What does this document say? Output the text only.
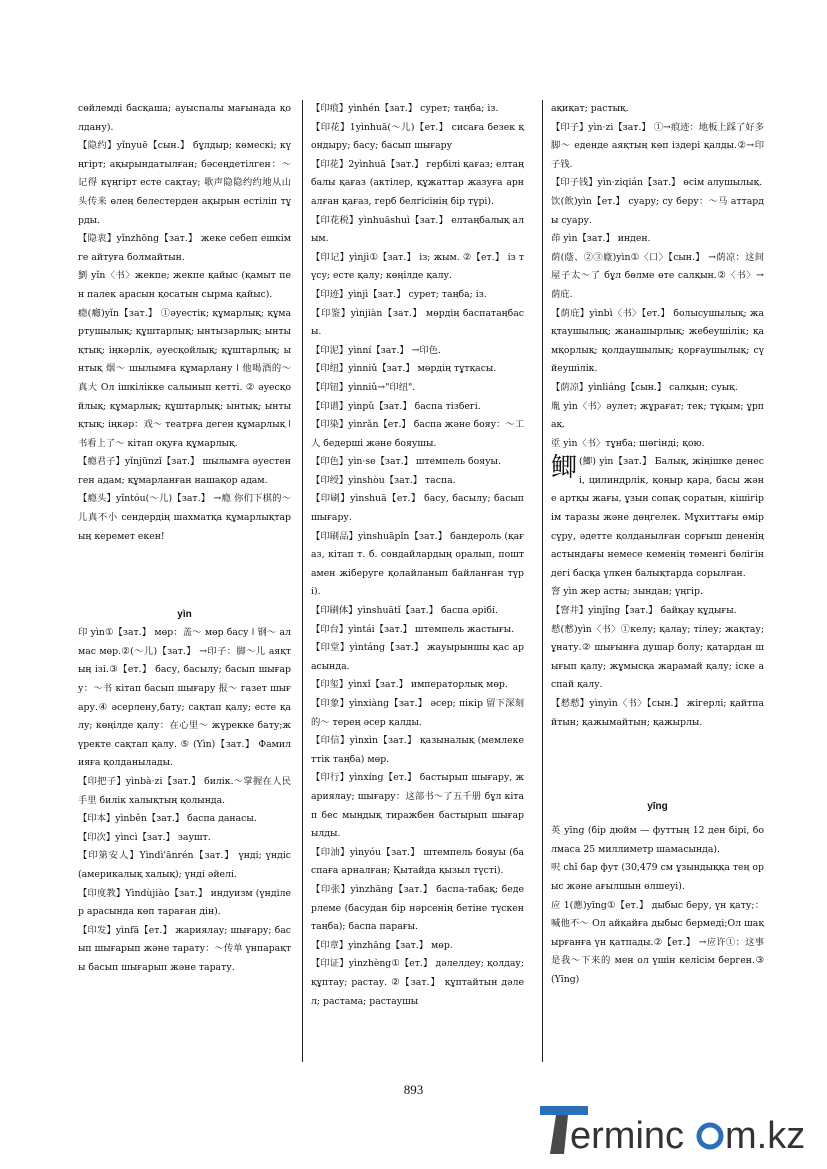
сөйлемді басқаша; ауыспалы мағынада қолдану).

【隐约】yǐnyuē【сын.】 бұлдыр; көмескі; күңгірт; ақырындатылған; бәсеңдетілген：～记得 күңгірт есте сақтау; 歌声隐隐约约地从山头传来 өлең белестерден ақырын естіліп тұрды.

【隐衷】yǐnzhōng【зат.】 жеке себеп ешкімге айтуға болмайтын.

劉 yǐn〈书〉жекпе; жекпе қайыс (қамыт пен палек арасын қосатын сырма қайыс).

瘾(癮)yǐn【зат.】 ①әуестік; құмарлық; құмартушылық; құштарлық; ынтызарлық; ынтықтық; іңкәрлік, әуесқойлық; құштарлық; ынтық 烟～ шылымға құмарлану ǀ 他喝酒的～真大 Ол ішкілікке салынып кетті. ② әуесқойлық; құмарлық; құштарлық; ынтық; ынтықтық; іңкәр：戏～ театрға деген құмарлық ǀ 书看上了～ кітап оқуға құмарлық.

【瘾君子】yǐnjūnzǐ【зат.】 шылымға әуестенген адам; құмарланған нашақор адам.

【瘾头】yǐntóu(～儿)【зат.】 →瘾 你们下棋的～儿真不小 сендердің шахматқа құмарлықтарың керемет екен!

yìn

印 yìn①【зат.】 мөр：盖～ мөр басу ǀ 钢～ алмас мөр.②(～儿)【зат.】 →印子：脚～儿 аяқтың ізі.③【ет.】 басу, басылу; басып шығару：～书 кітап басып шығару 报～ газет шығару.④ әсерлену,бату; сақтап қалу; есте қалу; көңілде қалу：在心里～ жүрекке бату;жүректе сақтап қалу. ⑤ (Yìn)【зат.】 Фамилияға қолданылады.

【印把子】yìnbà·zi【зат.】 билік.～掌握在人民手里 билік халықтың қолында.

【印本】yìnběn【зат.】 баспа данасы.

【印次】yìncì【зат.】 заушт.

【印第安人】Yìndì'ānrén【зат.】 үнді; үндіс (америкалық халық); үнді әйелі.

【印度教】Yìndùjiào【зат.】 индуизм (үнділер арасында көп тараған дін).

【印发】yìnfā【ет.】 жариялау; шығару; басып шығарып және тарату：～传单 үнпарақты басып шығарып және тарату.

【印痕】yìnhén【зат.】 сурет; таңба; із.

【印花】1yìnhuā(～儿)【ет.】 сисаға безек қондыру; басу; басып шығару

【印花】2yìnhuā【зат.】 гербілі қағаз; елтаңбалы қағаз (актілер, құжаттар жазуға арналған қағаз, герб белгісінің бір түрі).

【印花税】yìnhuāshuì【зат.】 елтаңбалық алым.

【印记】yìnjì①【зат.】 із; жым. ②【ет.】 із түсу; есте қалу; көңілде қалу.

【印迹】yìnjì【зат.】 сурет; таңба; із.

【印鉴】yìnjiàn【зат.】 мөрдің баспатаңбасы.

【印泥】yìnní【зат.】 →印色.

【印纽】yìnniǔ【зат.】 мөрдің тұтқасы.

【印钮】yìnniǔ→"印纽".

【印谱】yìnpǔ【зат.】 баспа тізбегі.

【印染】yìnrǎn【ет.】 баспа және бояу：～工人 бедерші және бояушы.

【印色】yìn·se【зат.】 штемпель бояуы.

【印绶】yìnshòu【зат.】 таспа.

【印刷】yìnshuā【ет.】 басу, басылу; басып шығару.

【印刷品】yìnshuāpǐn【зат.】 бандероль (қағаз, кітап т. б. сондайлардың оралып, поштамен жіберуге қолайланып байланған түрі).

【印刷体】yìnshuātǐ【зат.】 баспа әрібі.

【印台】yìntái【зат.】 штемпель жастығы.

【印堂】yìntáng【зат.】 жауырыншы қас арасында.

【印玺】yìnxǐ【зат.】 императорлық мөр.

【印象】yìnxiàng【зат.】 әсер; пікір 留下深刻的～ терең әсер қалды.

【印信】yìnxìn【зат.】 қазыналық (мемлекеттік таңба) мөр.

【印行】yìnxíng【ет.】 бастырып шығару, жариялау; шығару：这部书～了五千册 бұл кітап бес мыңдық тиражбен бастырып шығарылды.

【印油】yìnyóu【зат.】 штемпель бояуы (баспаға арналған; Қытайда қызыл түсті).

【印张】yìnzhāng【зат.】 баспа-табақ; бедерлеме (басудан бір нәрсенің бетіне түскен таңба); баспа парағы.

【印章】yìnzhāng【зат.】 мөр.

【印证】yìnzhèng①【ет.】 дәлелдеу; қолдау; құптау; растау. ②【зат.】 құптайтын дәлел; растама; растаушы

ақиқат; растық.

【印子】yìn·zi【зат.】 ①→痕迹：地板上踩了好多脚～ еденде аяқтың көп іздері қалды.②→印子钱.

【印子钱】yìn·ziqián【зат.】 өсім алушылық.

饮(飲)yìn【ет.】 суару; су беру：～马 аттарды суару.

茚 yìn【зат.】 инден.

荫(蔭、②③廕)yìn①〈口〉【сын.】 →荫凉：这间屋子太～了 бұл бөлме өте салқын.②〈书〉→荫庇.

【荫庇】yìnbì〈书〉【ет.】 болысушылық; жақтаушылық; жанашырлық; жебеушілік; қамқорлық; қолдаушылық; қорғаушылық; сүйеушілік.

【荫凉】yìnliáng【сын.】 салқын; суық.

胤 yìn〈书〉әулет; жұрағат; тек; тұқым; ұрпақ.

垽 yìn〈书〉тұнба; шөгінді; қою.

鲫 (鯽) yìn【зат.】 Балық, жіңішке денесі, цилиндрлік, қоңыр қара, басы және артқы жағы, ұзын сопақ соратын, кішігірім таразы және дөңгелек. Мұхиттағы өмір сүру, әдетте қолданылған сорғыш дененің астындағы немесе кеменің төменгі бөлігіндегі басқа үлкен балықтарда сорылған.

窨 yìn жер асты; зындан; үңгір.

【窨井】yìnjǐng【зат.】 байқау құдығы.

慭(憖)yìn〈书〉①келу; қалау; тілеу; жақтау; ұнату.② шығынға душар болу; қатардан шығып қалу; жұмысқа жарамай қалу; іске аспай қалу.

【慭慭】yìnyìn〈书〉【сын.】 жігерлі; қайтпайтын; қажымайтын; қажырлы.

yīng

英 yīng (бір дюйм — футтың 12 ден бірі, болмаса 25 миллиметр шамасында).

呎 chǐ бар фут (30,479 см ұзындыққа тең орыс және ағылшын өлшеуі).

应 1(應)yīng①【ет.】 дыбыс беру, үн қату;：喊他不～ Ол айқайға дыбыс бермеді;Ол шақырғанға үн қатпады.②【ет.】 →应许①：这事是我～下来的 мен ол үшін келісім берген.③ (Yīng)

893
erminc m.kz
